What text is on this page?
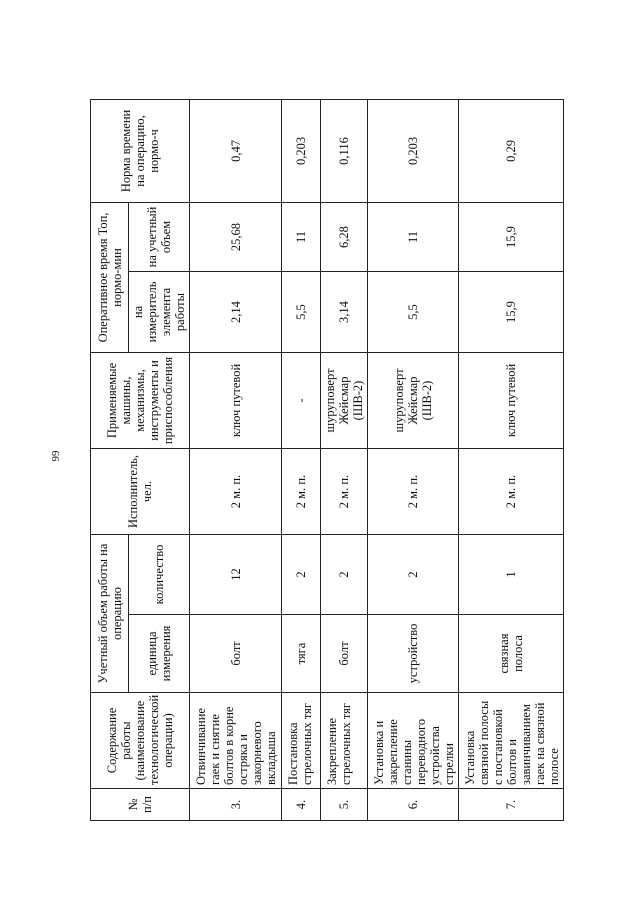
99
№ п/п	Содержание работы (наименование технологической операции)	Учетный объем работы на операцию		Исполнитель, чел.	Применяемые машины, механизмы, инструменты и приспособления	Оперативное время Топ, нормо-мин		Норма времени на операцию, нормо-ч
		единица измерения	количество			на измеритель элемента работы	на учетный объем	
3.	Отвинчивание гаек и снятие болтов в корне остряка и закорневого вкладыша	болт	12	2 м. п.	ключ путевой	2,14	25,68	0,47
4.	Постановка стрелочных тяг	тяга	2	2 м. п.	-	5,5	11	0,203
5.	Закрепление стрелочных тяг	болт	2	2 м. п.	шуруповерт Жейсмар (ШВ-2)	3,14	6,28	0,116
6.	Установка и закрепление станины переводного устройства стрелки	устройство	2	2 м. п.	шуруповерт Жейсмар (ШВ-2)	5,5	11	0,203
7.	Установка связной полосы с постановкой болтов и завинчиванием гаек на связной полосе	связная полоса	1	2 м. п.	ключ путевой	15,9	15,9	0,29
